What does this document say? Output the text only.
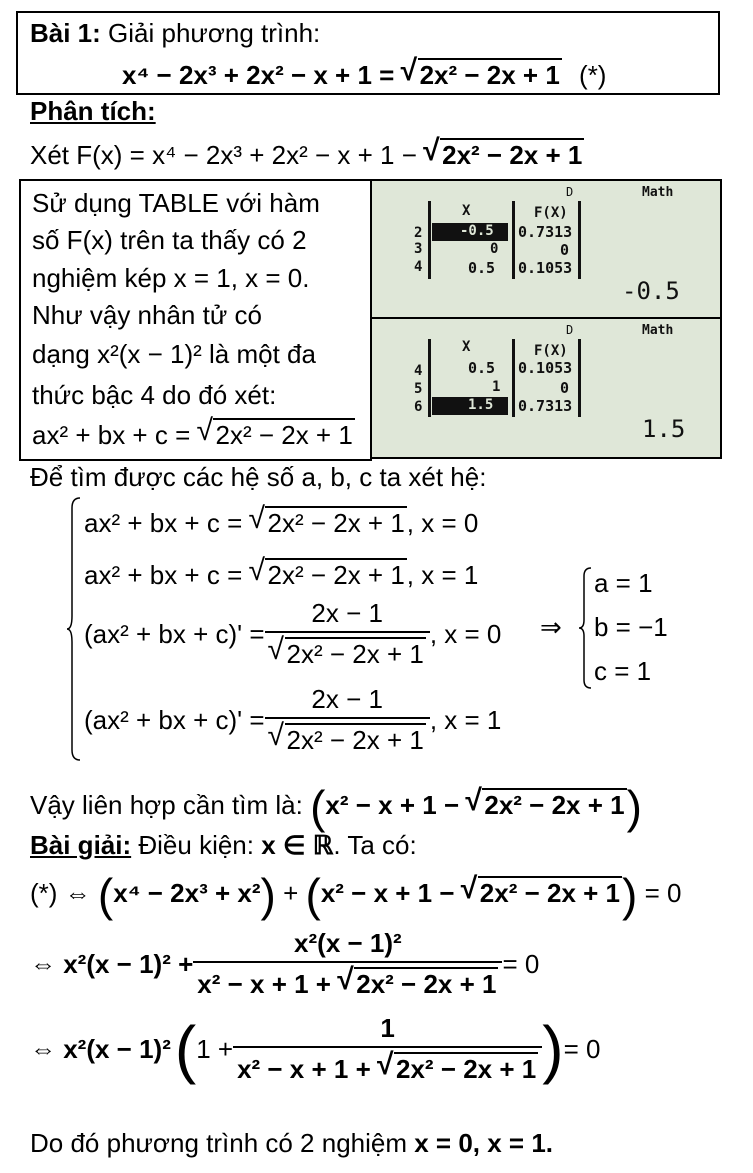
Bài 1: Giải phương trình:
x⁴ − 2x³ + 2x² − x + 1 = √ 2x² − 2x + 1 (*)
Phân tích:
Xét F(x) = x⁴ − 2x³ + 2x² − x + 1 − √ 2x² − 2x + 1
Sử dụng TABLE với hàm
số F(x) trên ta thấy có 2
nghiệm kép x = 1, x = 0.
Như vậy nhân tử có
dạng x²(x − 1)² là một đa
thức bậc 4 do đó xét:
ax² + bx + c = √ 2x² − 2x + 1
D	Math
X	F(X)
2	-0.5 0.7313
3	0	0
4	0.5 0.1053
-0.5
D	Math
X	F(X)
4	0.5 0.1053
5	1	0
6	1.5 0.7313
1.5
Để tìm được các hệ số a, b, c ta xét hệ:
ax² + bx + c = √ 2x² − 2x + 1, x = 0
ax² + bx + c = √ 2x² − 2x + 1, x = 1
(ax² + bx + c)' = 2x − 1
√ 2x² − 2x + 1 , x = 0
(ax² + bx + c)' = 2x − 1
√ 2x² − 2x + 1 , x = 1
⇒
a = 1
b = −1
c = 1
Vậy liên hợp cần tìm là: (x² − x + 1 − √ 2x² − 2x + 1)
Bài giải: Điều kiện: x ∈ ℝ. Ta có:
(*) ⇔ (x⁴ − 2x³ + x²) + (x² − x + 1 − √ 2x² − 2x + 1) = 0
⇔ $x^2(x - 1)^2 + \frac{\text{x²(x − 1)²}}{\text{x² − x + 1 + √ 2x² − 2x + 1}} = 0$
⇔ x²(x − 1)² ( $1 + \frac{1}{\text{x² − x + 1 + √ 2x² − 2x + 1}}$ ) = 0
Do đó phương trình có 2 nghiệm x = 0, x = 1.
